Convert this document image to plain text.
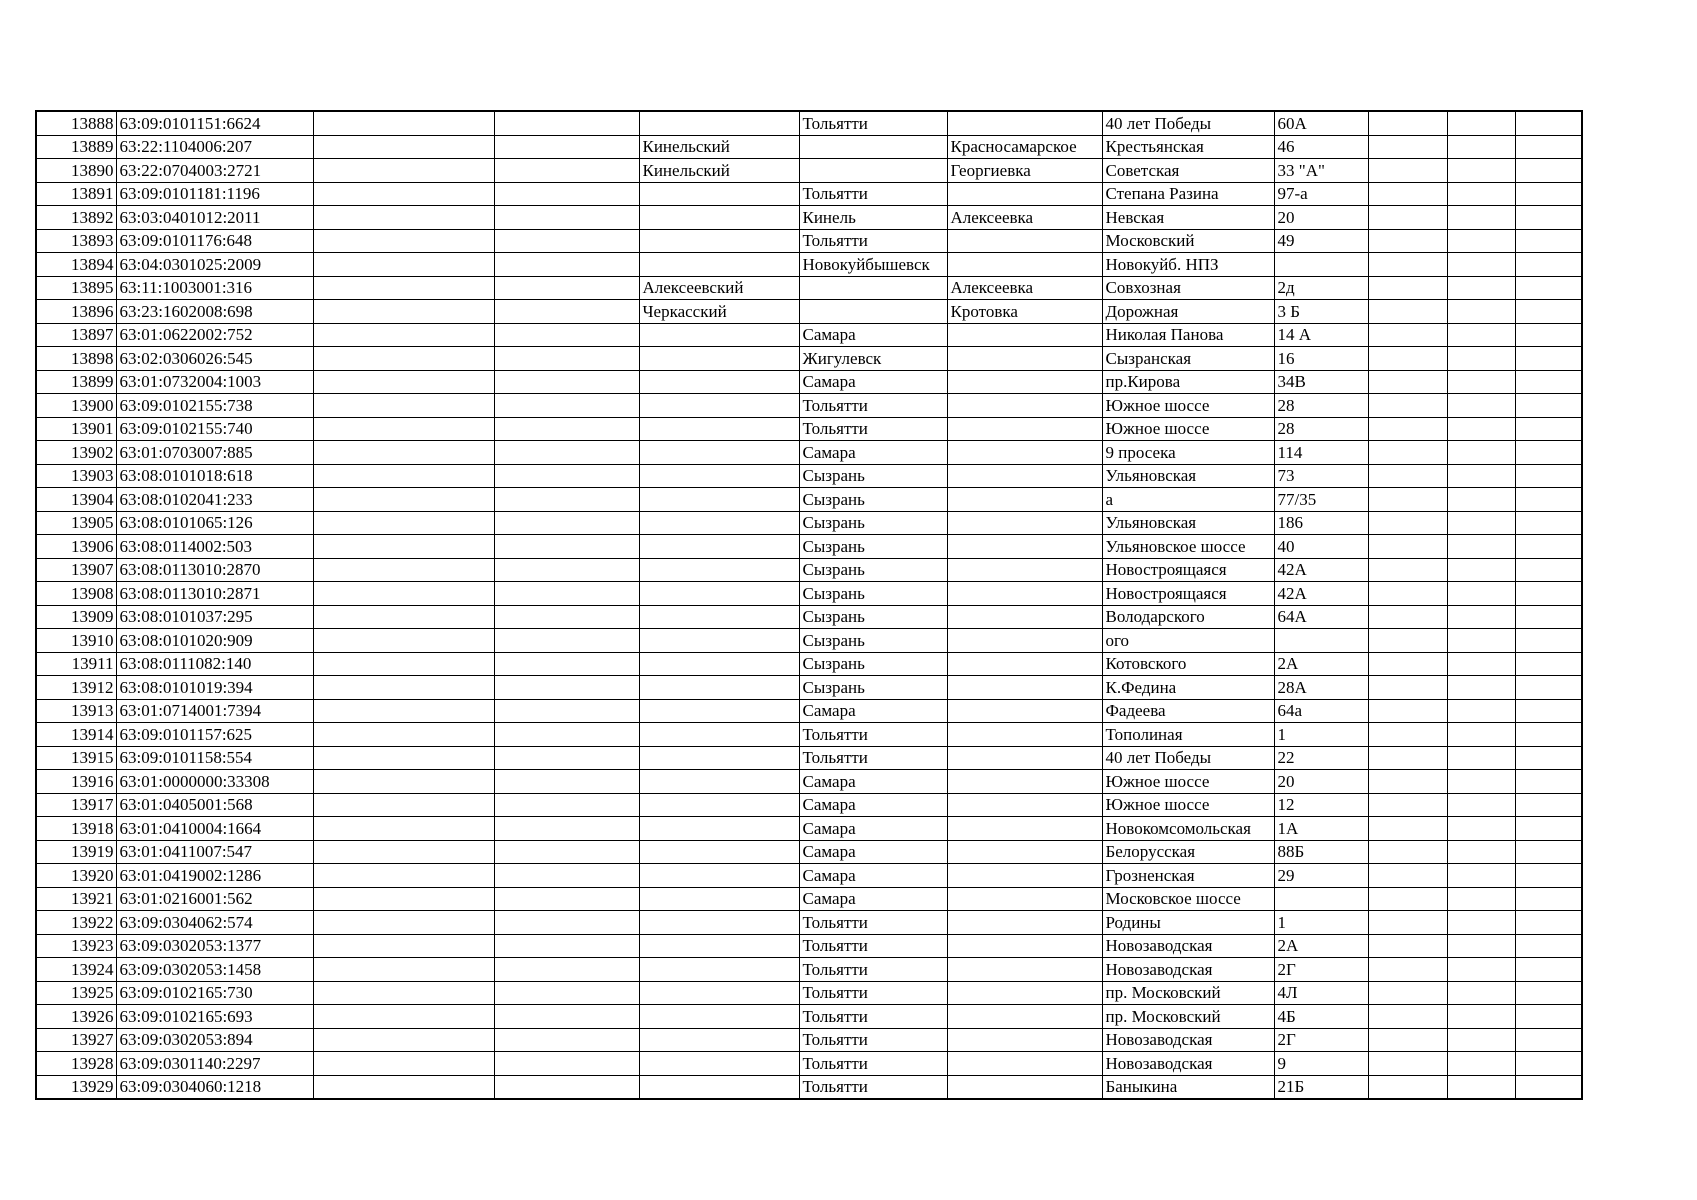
13888	63:09:0101151:6624				Тольятти		40 лет Победы	60А			
13889	63:22:1104006:207			Кинельский		Красносамарское	Крестьянская	46			
13890	63:22:0704003:2721			Кинельский		Георгиевка	Советская	33 "А"			
13891	63:09:0101181:1196				Тольятти		Степана Разина	97-а			
13892	63:03:0401012:2011				Кинель	Алексеевка	Невская	20			
13893	63:09:0101176:648				Тольятти		Московский	49			
13894	63:04:0301025:2009				Новокуйбышевск		Новокуйб. НПЗ				
13895	63:11:1003001:316			Алексеевский		Алексеевка	Совхозная	2д			
13896	63:23:1602008:698			Черкасский		Кротовка	Дорожная	3 Б			
13897	63:01:0622002:752				Самара		Николая Панова	14 А			
13898	63:02:0306026:545				Жигулевск		Сызранская	16			
13899	63:01:0732004:1003				Самара		пр.Кирова	34В			
13900	63:09:0102155:738				Тольятти		Южное шоссе	28			
13901	63:09:0102155:740				Тольятти		Южное шоссе	28			
13902	63:01:0703007:885				Самара		9 просека	114			
13903	63:08:0101018:618				Сызрань		Ульяновская	73			
13904	63:08:0102041:233				Сызрань		а	77/35			
13905	63:08:0101065:126				Сызрань		Ульяновская	186			
13906	63:08:0114002:503				Сызрань		Ульяновское шоссе	40			
13907	63:08:0113010:2870				Сызрань		Новостроящаяся	42А			
13908	63:08:0113010:2871				Сызрань		Новостроящаяся	42А			
13909	63:08:0101037:295				Сызрань		Володарского	64А			
13910	63:08:0101020:909				Сызрань		ого				
13911	63:08:0111082:140				Сызрань		Котовского	2А			
13912	63:08:0101019:394				Сызрань		К.Федина	28А			
13913	63:01:0714001:7394				Самара		Фадеева	64а			
13914	63:09:0101157:625				Тольятти		Тополиная	1			
13915	63:09:0101158:554				Тольятти		40 лет Победы	22			
13916	63:01:0000000:33308				Самара		Южное шоссе	20			
13917	63:01:0405001:568				Самара		Южное шоссе	12			
13918	63:01:0410004:1664				Самара		Новокомсомольская	1А			
13919	63:01:0411007:547				Самара		Белорусская	88Б			
13920	63:01:0419002:1286				Самара		Грозненская	29			
13921	63:01:0216001:562				Самара		Московское шоссе				
13922	63:09:0304062:574				Тольятти		Родины	1			
13923	63:09:0302053:1377				Тольятти		Новозаводская	2А			
13924	63:09:0302053:1458				Тольятти		Новозаводская	2Г			
13925	63:09:0102165:730				Тольятти		пр. Московский	4Л			
13926	63:09:0102165:693				Тольятти		пр. Московский	4Б			
13927	63:09:0302053:894				Тольятти		Новозаводская	2Г			
13928	63:09:0301140:2297				Тольятти		Новозаводская	9			
13929	63:09:0304060:1218				Тольятти		Баныкина	21Б			
